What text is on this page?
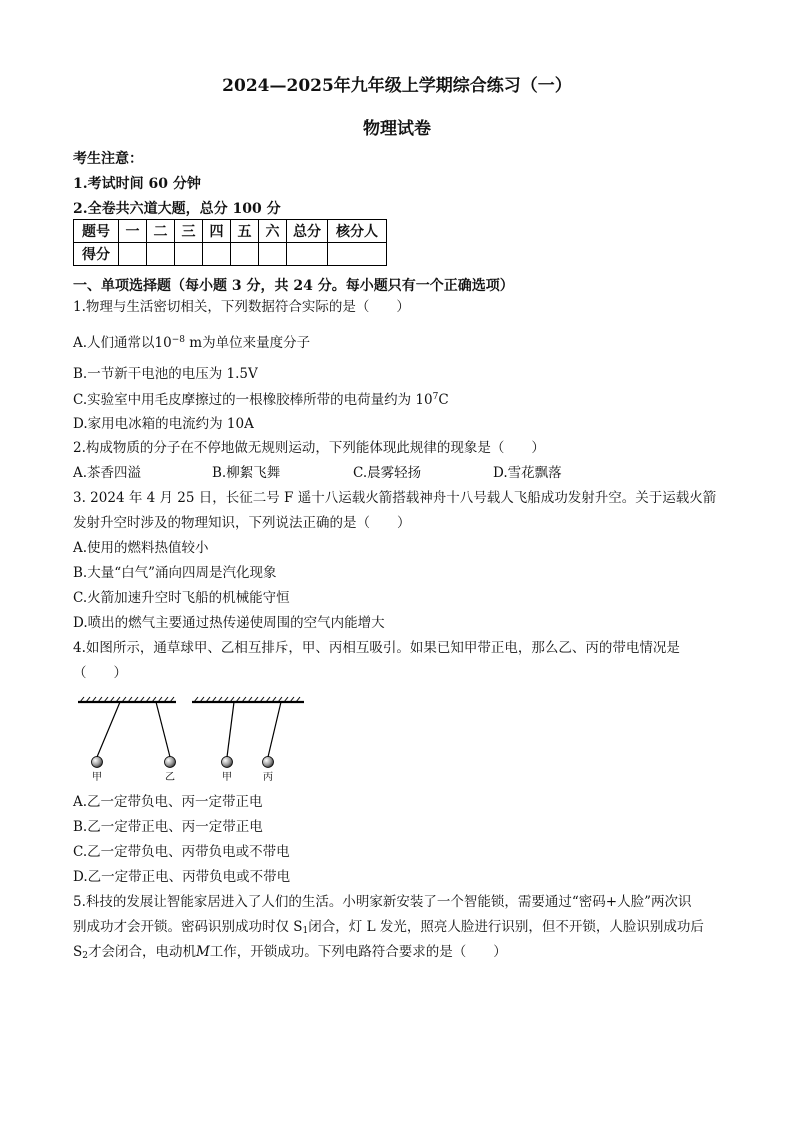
2024—2025年九年级上学期综合练习（一）
物理试卷
考生注意：
1.考试时间 60 分钟
2.全卷共六道大题，总分 100 分
题号	一	二	三	四	五	六	总分	核分人
得分								
一、单项选择题（每小题 3 分，共 24 分。每小题只有一个正确选项）
1.物理与生活密切相关，下列数据符合实际的是（　　）
A.人们通常以$10^{-8}$ m为单位来量度分子
B.一节新干电池的电压为 1.5V
C.实验室中用毛皮摩擦过的一根橡胶棒所带的电荷量约为 $10^7C$
D.家用电冰箱的电流约为 10A
2.构成物质的分子在不停地做无规则运动，下列能体现此规律的现象是（　　）
A.茶香四溢	B.柳絮飞舞	C.晨雾轻扬	D.雪花飘落
3. 2024 年 4 月 25 日，长征二号 F 遥十八运载火箭搭载神舟十八号载人飞船成功发射升空。关于运载火箭
发射升空时涉及的物理知识，下列说法正确的是（　　）
A.使用的燃料热值较小
B.大量“白气”涌向四周是汽化现象
C.火箭加速升空时飞船的机械能守恒
D.喷出的燃气主要通过热传递使周围的空气内能增大
4.如图所示，通草球甲、乙相互排斥，甲、丙相互吸引。如果已知甲带正电，那么乙、丙的带电情况是
（　　）
甲	乙	甲	丙
A.乙一定带负电、丙一定带正电
B.乙一定带正电、丙一定带正电
C.乙一定带负电、丙带负电或不带电
D.乙一定带正电、丙带负电或不带电
5.科技的发展让智能家居进入了人们的生活。小明家新安装了一个智能锁，需要通过“密码+人脸”两次识
别成功才会开锁。密码识别成功时仅 $S_1$闭合，灯 L 发光，照亮人脸进行识别，但不开锁，人脸识别成功后
$S_2$才会闭合，电动机M工作，开锁成功。下列电路符合要求的是（　　）
